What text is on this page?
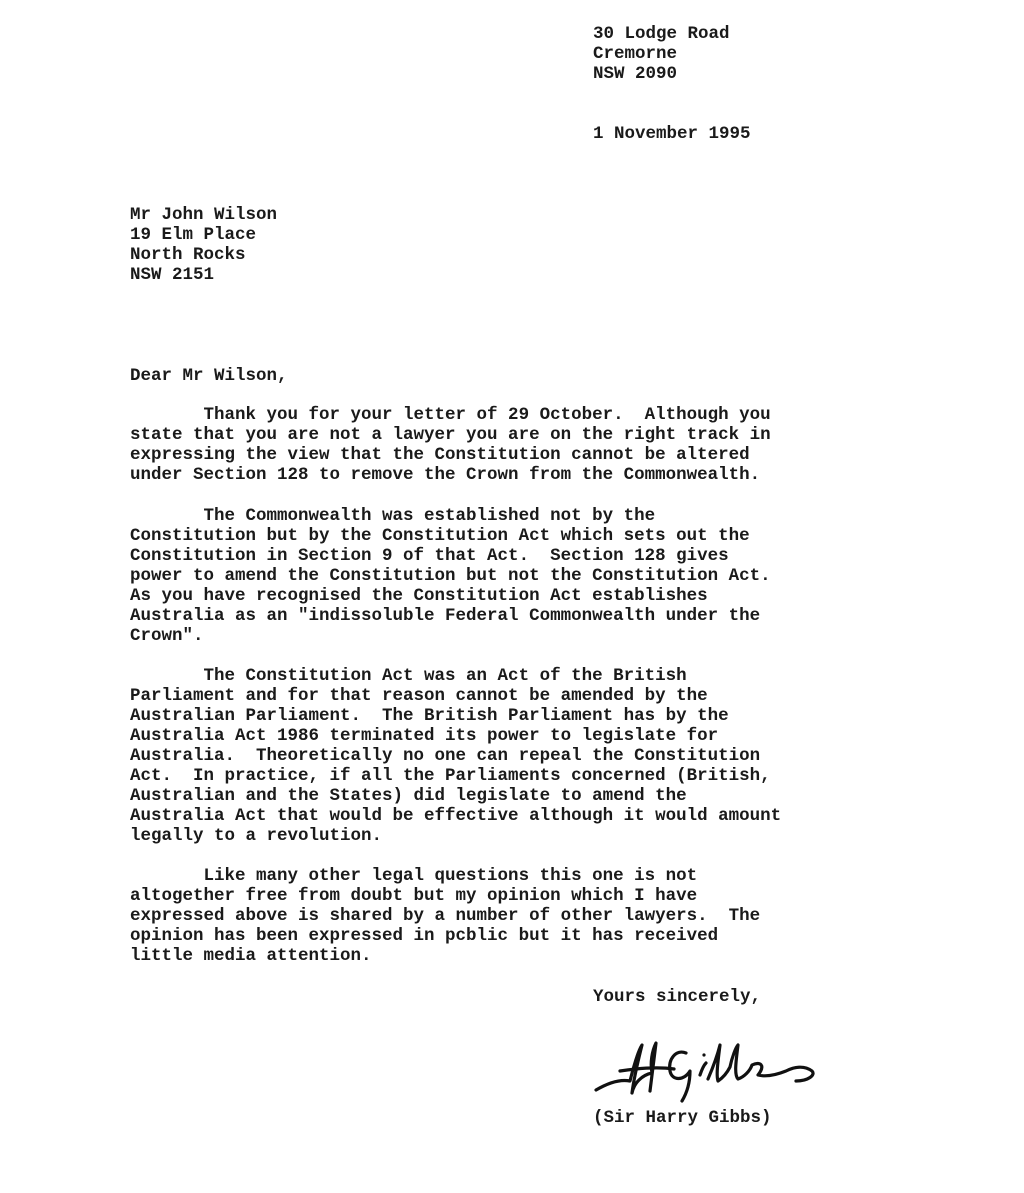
30 Lodge Road
Cremorne
NSW 2090
1 November 1995
Mr John Wilson
19 Elm Place
North Rocks
NSW 2151
Dear Mr Wilson,
Thank you for your letter of 29 October.  Although you
state that you are not a lawyer you are on the right track in
expressing the view that the Constitution cannot be altered
under Section 128 to remove the Crown from the Commonwealth.
The Commonwealth was established not by the
Constitution but by the Constitution Act which sets out the
Constitution in Section 9 of that Act.  Section 128 gives
power to amend the Constitution but not the Constitution Act.
As you have recognised the Constitution Act establishes
Australia as an "indissoluble Federal Commonwealth under the
Crown".
The Constitution Act was an Act of the British
Parliament and for that reason cannot be amended by the
Australian Parliament.  The British Parliament has by the
Australia Act 1986 terminated its power to legislate for
Australia.  Theoretically no one can repeal the Constitution
Act.  In practice, if all the Parliaments concerned (British,
Australian and the States) did legislate to amend the
Australia Act that would be effective although it would amount
legally to a revolution.
Like many other legal questions this one is not
altogether free from doubt but my opinion which I have
expressed above is shared by a number of other lawyers.  The
opinion has been expressed in pcblic but it has received
little media attention.
Yours sincerely,
(Sir Harry Gibbs)
